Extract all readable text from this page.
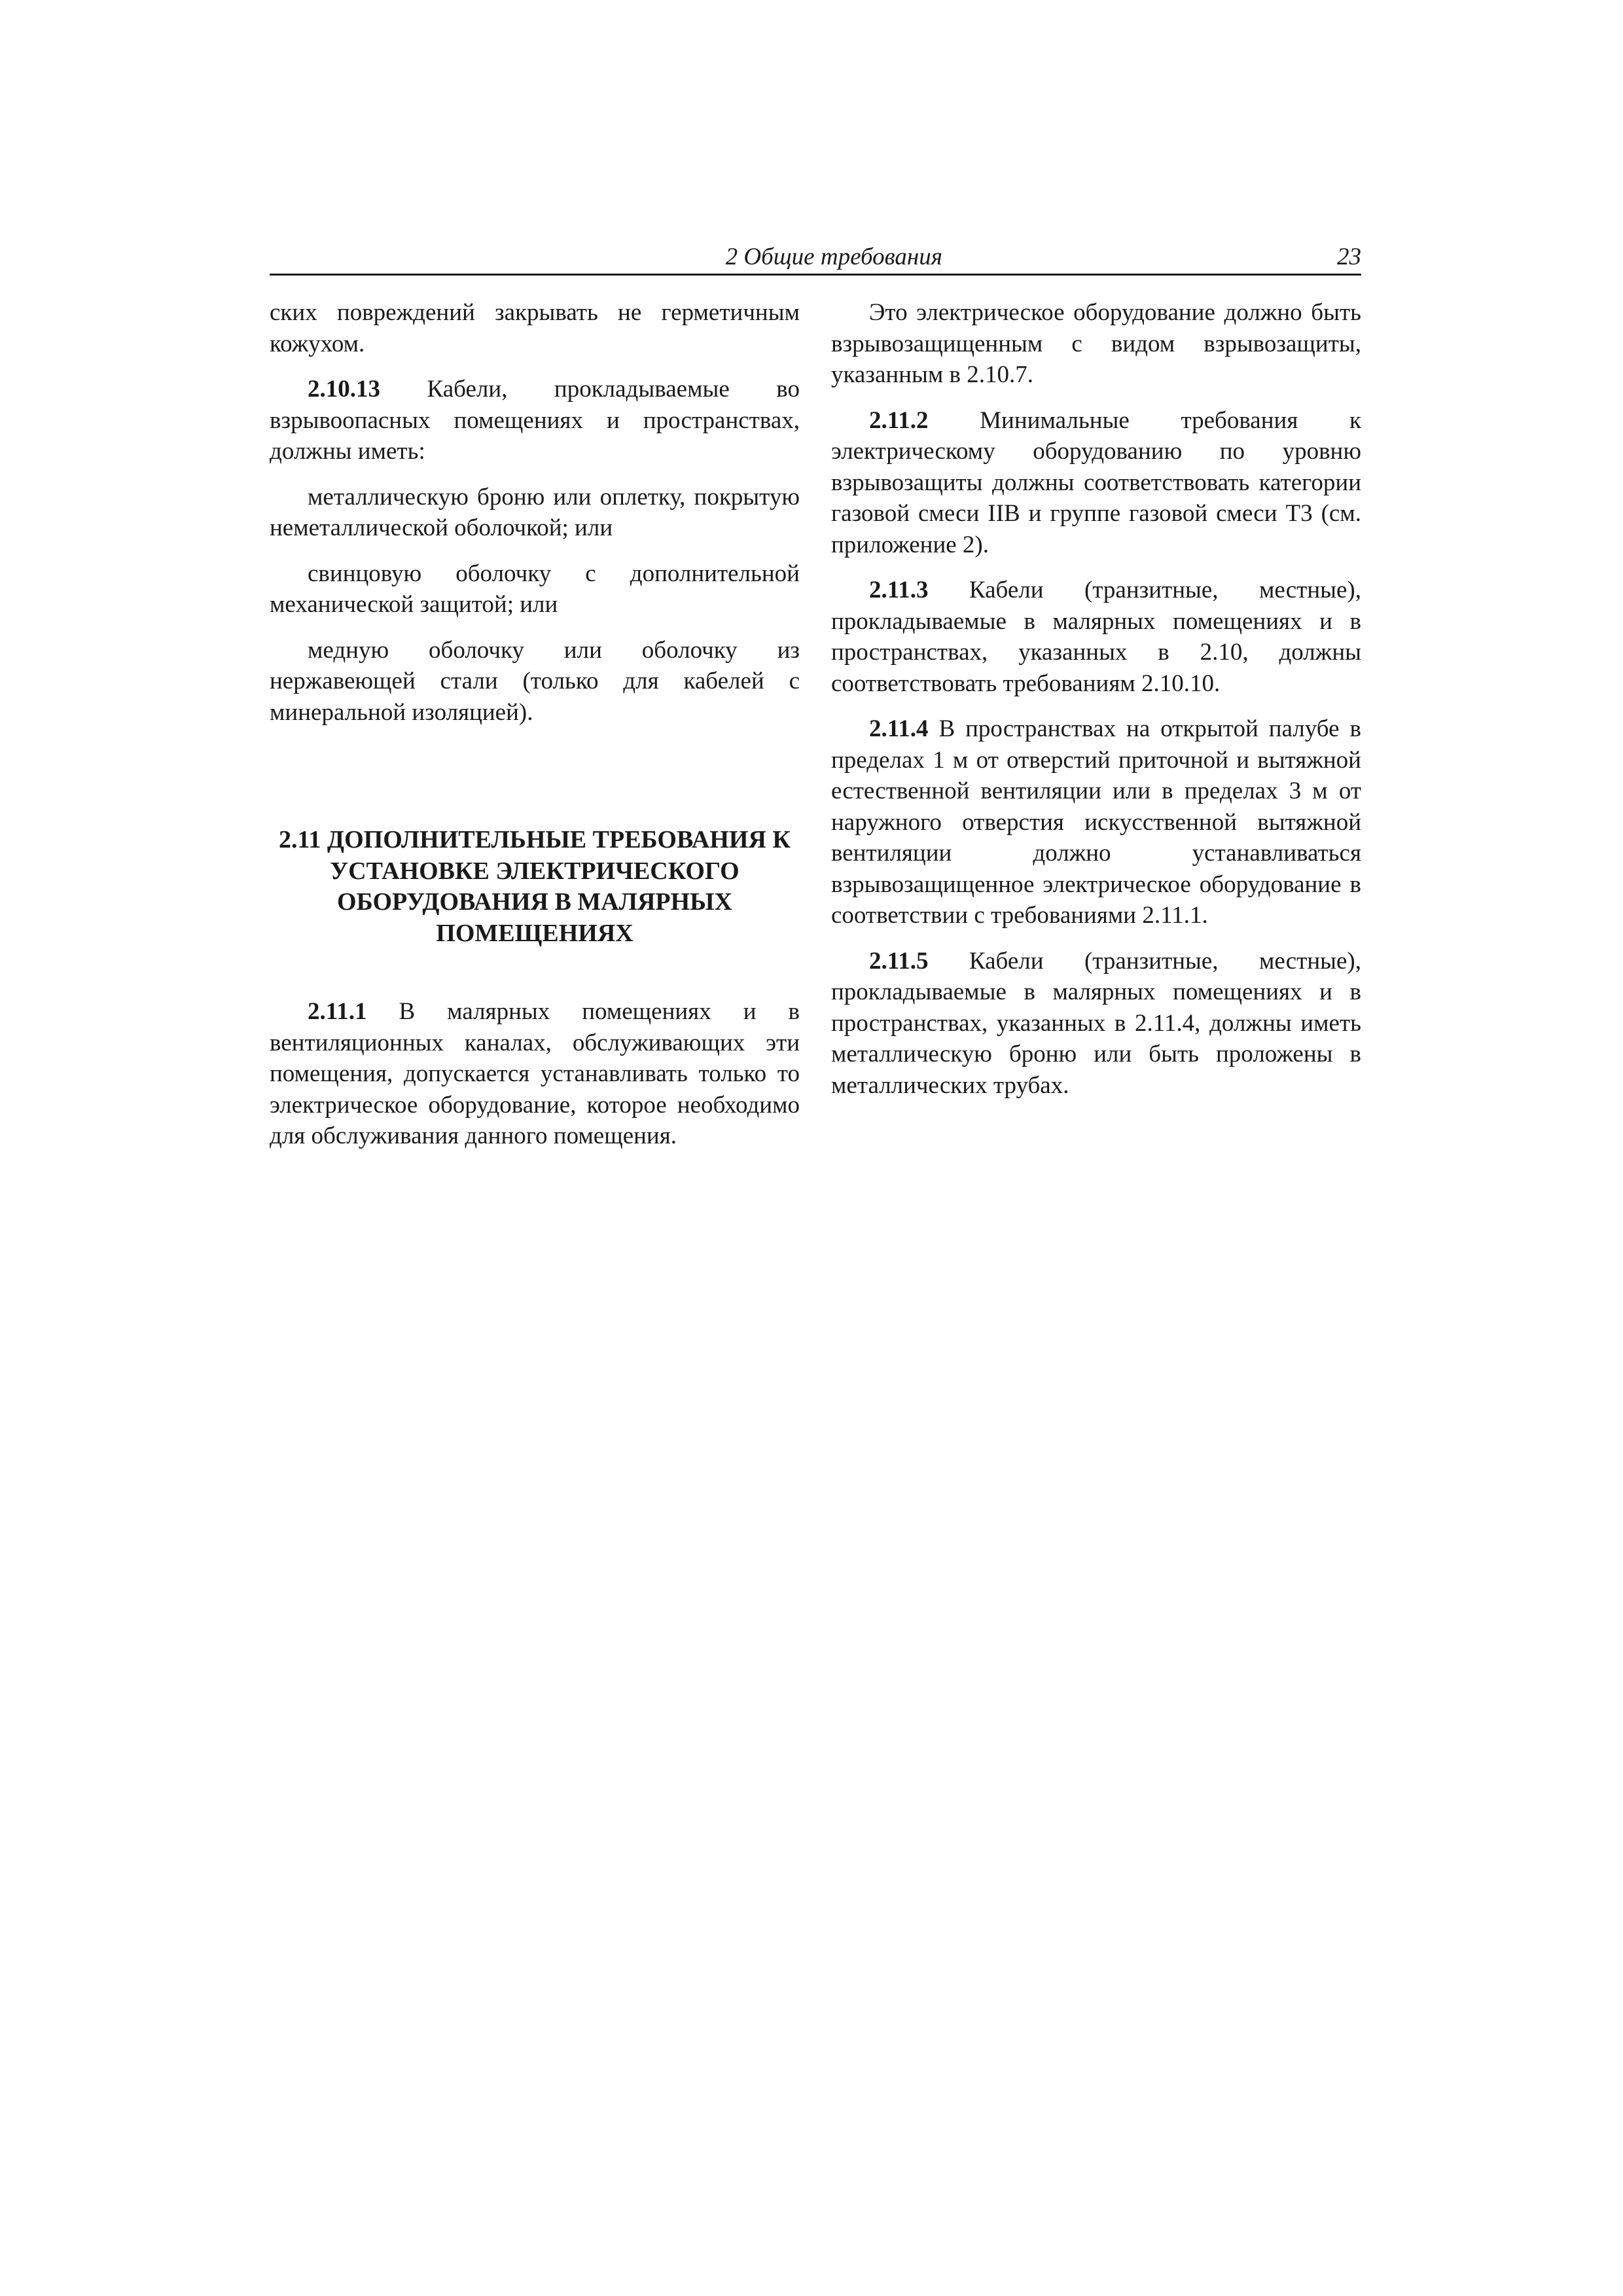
2 Общие требования	23

ских повреждений закрывать не герметичным кожухом.

2.10.13 Кабели, прокладываемые во взрывоопасных помещениях и пространствах, должны иметь:

металлическую броню или оплетку, покрытую неметаллической оболочкой; или

свинцовую оболочку с дополнительной механической защитой; или

медную оболочку или оболочку из нержавеющей стали (только для кабелей с минеральной изоляцией).

2.11 ДОПОЛНИТЕЛЬНЫЕ ТРЕБОВАНИЯ К УСТАНОВКЕ ЭЛЕКТРИЧЕСКОГО ОБОРУДОВАНИЯ В МАЛЯРНЫХ ПОМЕЩЕНИЯХ

2.11.1 В малярных помещениях и в вентиляционных каналах, обслуживающих эти помещения, допускается устанавливать только то электрическое оборудование, которое необходимо для обслуживания данного помещения.

Это электрическое оборудование должно быть взрывозащищенным с видом взрывозащиты, указанным в 2.10.7.

2.11.2 Минимальные требования к электрическому оборудованию по уровню взрывозащиты должны соответствовать категории газовой смеси IIB и группе газовой смеси T3 (см. приложение 2).

2.11.3 Кабели (транзитные, местные), прокладываемые в малярных помещениях и в пространствах, указанных в 2.10, должны соответствовать требованиям 2.10.10.

2.11.4 В пространствах на открытой палубе в пределах 1 м от отверстий приточной и вытяжной естественной вентиляции или в пределах 3 м от наружного отверстия искусственной вытяжной вентиляции должно устанавливаться взрывозащищенное электрическое оборудование в соответствии с требованиями 2.11.1.

2.11.5 Кабели (транзитные, местные), прокладываемые в малярных помещениях и в пространствах, указанных в 2.11.4, должны иметь металлическую броню или быть проложены в металлических трубах.
